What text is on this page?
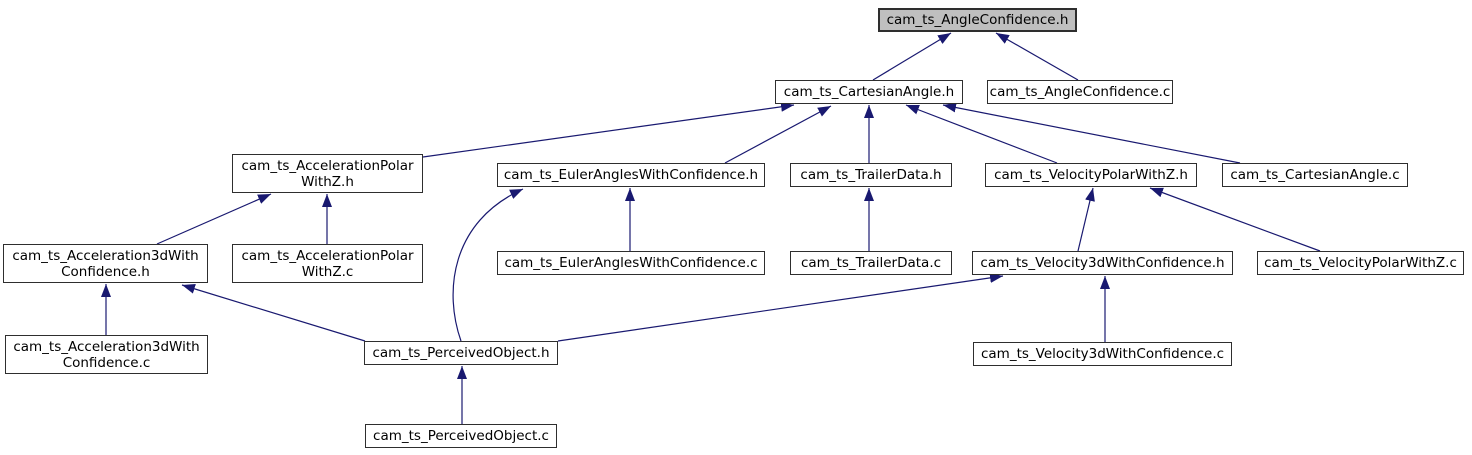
cam_ts_AngleConfidence.h
cam_ts_CartesianAngle.h	cam_ts_AngleConfidence.c
cam_ts_AccelerationPolar
WithZ.h	cam_ts_EulerAnglesWithConfidence.h	cam_ts_TrailerData.h	cam_ts_VelocityPolarWithZ.h	cam_ts_CartesianAngle.c
cam_ts_Acceleration3dWith
Confidence.h
cam_ts_AccelerationPolar
WithZ.c
cam_ts_EulerAnglesWithConfidence.c	cam_ts_TrailerData.c	cam_ts_Velocity3dWithConfidence.h	cam_ts_VelocityPolarWithZ.c
cam_ts_Acceleration3dWith
Confidence.c
cam_ts_PerceivedObject.h	cam_ts_Velocity3dWithConfidence.c
cam_ts_PerceivedObject.c
